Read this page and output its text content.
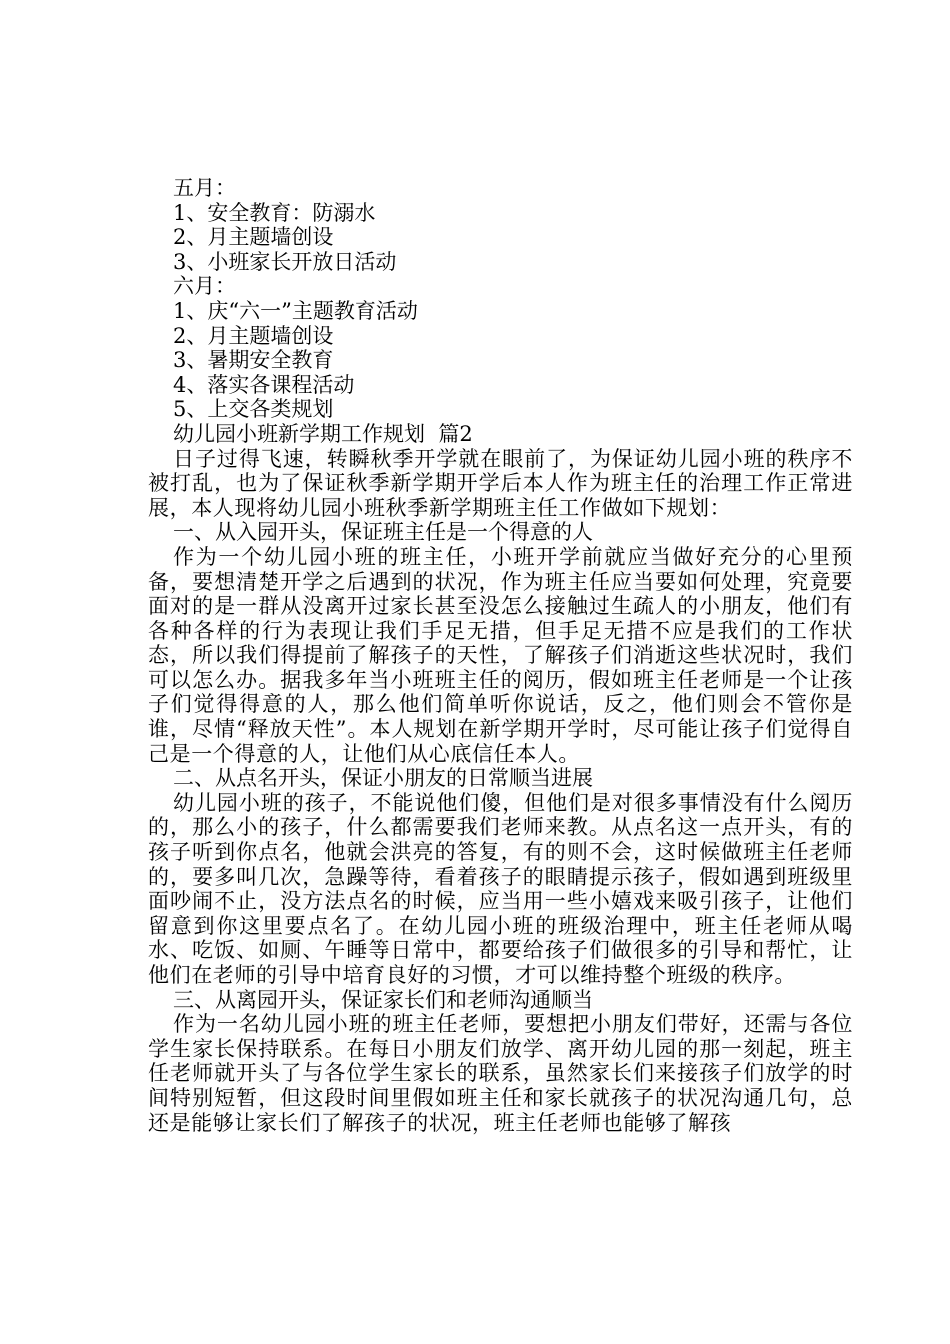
五月：
1、安全教育：防溺水
2、月主题墙创设
3、小班家长开放日活动
六月：
1、庆“六一”主题教育活动
2、月主题墙创设
3、暑期安全教育
4、落实各课程活动
5、上交各类规划
幼儿园小班新学期工作规划  篇2

日子过得飞速，转瞬秋季开学就在眼前了，为保证幼儿园小班的秩序不被打乱，也为了保证秋季新学期开学后本人作为班主任的治理工作正常进展，本人现将幼儿园小班秋季新学期班主任工作做如下规划：

一、从入园开头，保证班主任是一个得意的人

作为一个幼儿园小班的班主任，小班开学前就应当做好充分的心里预备，要想清楚开学之后遇到的状况，作为班主任应当要如何处理，究竟要面对的是一群从没离开过家长甚至没怎么接触过生疏人的小朋友，他们有各种各样的行为表现让我们手足无措，但手足无措不应是我们的工作状态，所以我们得提前了解孩子的天性，了解孩子们消逝这些状况时，我们可以怎么办。据我多年当小班班主任的阅历，假如班主任老师是一个让孩子们觉得得意的人，那么他们简单听你说话，反之，他们则会不管你是谁，尽情“释放天性”。本人规划在新学期开学时，尽可能让孩子们觉得自己是一个得意的人，让他们从心底信任本人。

二、从点名开头，保证小朋友的日常顺当进展

幼儿园小班的孩子，不能说他们傻，但他们是对很多事情没有什么阅历的，那么小的孩子，什么都需要我们老师来教。从点名这一点开头，有的孩子听到你点名，他就会洪亮的答复，有的则不会，这时候做班主任老师的，要多叫几次，急躁等待，看着孩子的眼睛提示孩子，假如遇到班级里面吵闹不止，没方法点名的时候，应当用一些小嬉戏来吸引孩子，让他们留意到你这里要点名了。在幼儿园小班的班级治理中，班主任老师从喝水、吃饭、如厕、午睡等日常中，都要给孩子们做很多的引导和帮忙，让他们在老师的引导中培育良好的习惯，才可以维持整个班级的秩序。

三、从离园开头，保证家长们和老师沟通顺当

作为一名幼儿园小班的班主任老师，要想把小朋友们带好，还需与各位学生家长保持联系。在每日小朋友们放学、离开幼儿园的那一刻起，班主任老师就开头了与各位学生家长的联系，虽然家长们来接孩子们放学的时间特别短暂，但这段时间里假如班主任和家长就孩子的状况沟通几句，总还是能够让家长们了解孩子的状况，班主任老师也能够了解孩
